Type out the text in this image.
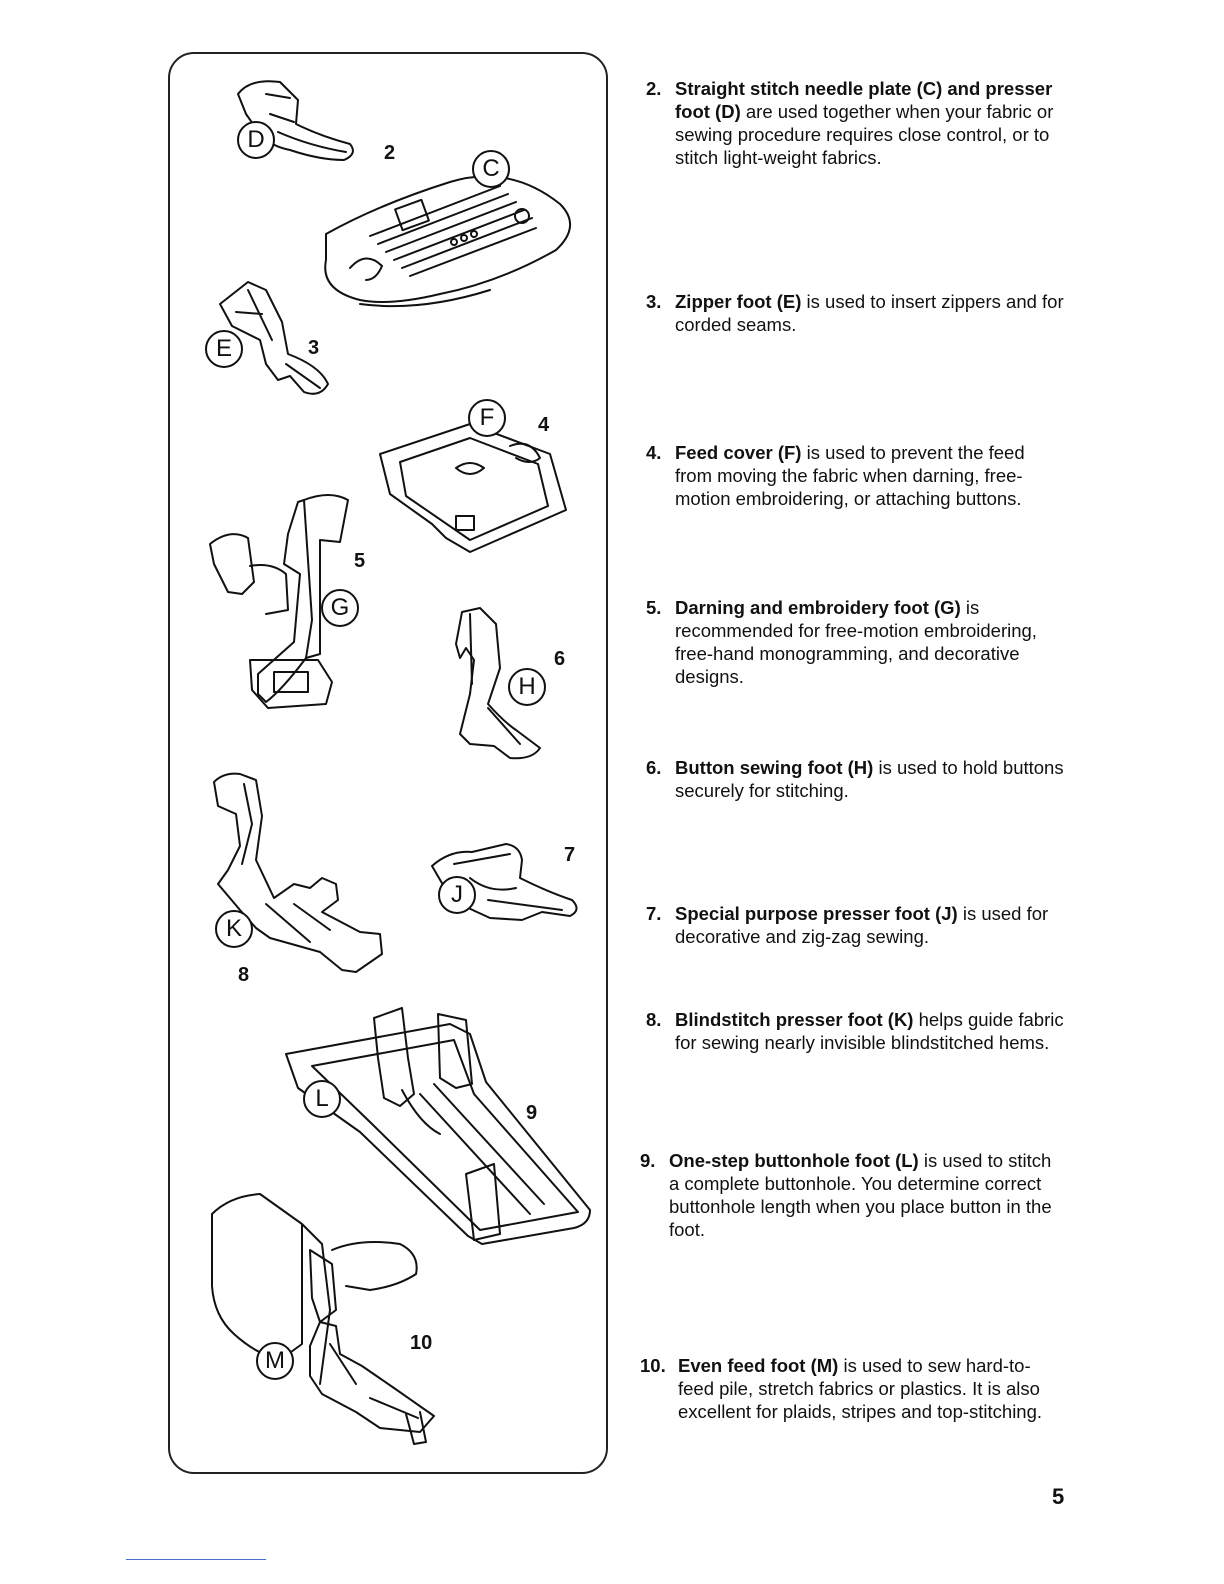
D
C
E
F
G
H
K
J
L
M
2
3
4
5
6
7
8
9
10
2. Straight stitch needle plate (C) and presser foot (D) are used together when your fabric or sewing procedure requires close control, or to stitch light-weight fabrics.
3. Zipper foot (E) is used to insert zippers and for corded seams.
4. Feed cover (F) is used to prevent the feed from moving the fabric when darning, free-motion embroidering, or attaching buttons.
5. Darning and embroidery foot (G) is recommended for free-motion embroidering, free-hand monogramming, and decorative designs.
6. Button sewing foot (H) is used to hold buttons securely for stitching.
7. Special purpose presser foot (J) is used for decorative and zig-zag sewing.
8. Blindstitch presser foot (K) helps guide fabric for sewing nearly invisible blindstitched hems.
9. One-step buttonhole foot (L) is used to stitch a complete buttonhole. You determine correct buttonhole length when you place button in the foot.
10. Even feed foot (M) is used to sew hard-to-feed pile, stretch fabrics or plastics. It is also excellent for plaids, stripes and top-stitching.
5
